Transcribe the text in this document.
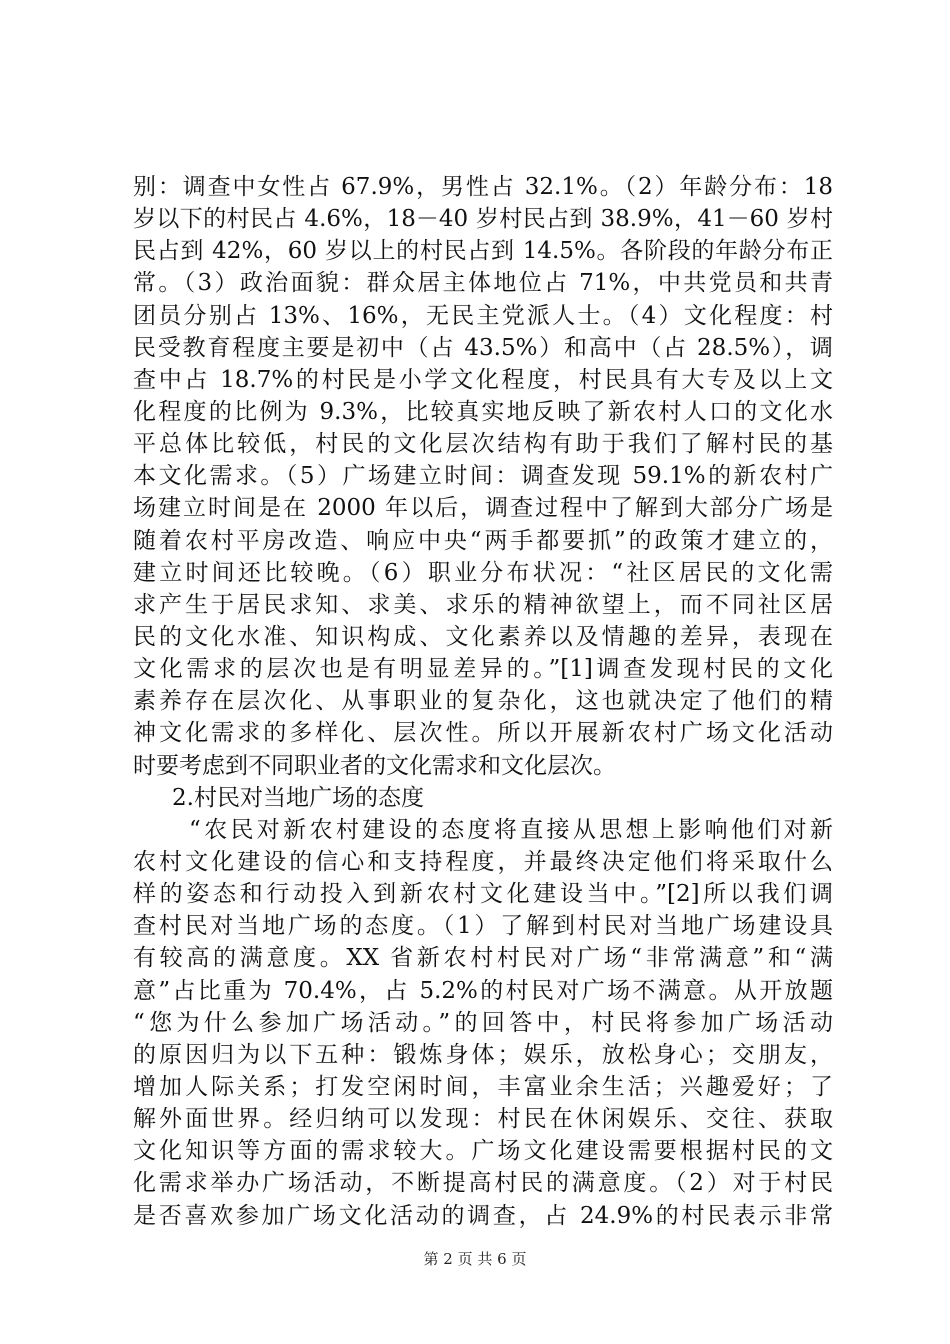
别：调查中女性占 67.9%，男性占 32.1%。（2）年龄分布：18
岁以下的村民占 4.6%，18－40 岁村民占到 38.9%，41－60 岁村
民占到 42%，60 岁以上的村民占到 14.5%。各阶段的年龄分布正
常。（3）政治面貌：群众居主体地位占 71%，中共党员和共青
团员分别占 13%、16%，无民主党派人士。（4）文化程度：村
民受教育程度主要是初中（占 43.5%）和高中（占 28.5%），调
查中占 18.7%的村民是小学文化程度，村民具有大专及以上文
化程度的比例为 9.3%，比较真实地反映了新农村人口的文化水
平总体比较低，村民的文化层次结构有助于我们了解村民的基
本文化需求。（5）广场建立时间：调查发现 59.1%的新农村广
场建立时间是在 2000 年以后，调查过程中了解到大部分广场是
随着农村平房改造、响应中央“两手都要抓”的政策才建立的，
建立时间还比较晚。（6）职业分布状况：“社区居民的文化需
求产生于居民求知、求美、求乐的精神欲望上，而不同社区居
民的文化水准、知识构成、文化素养以及情趣的差异，表现在
文化需求的层次也是有明显差异的。”[1]调查发现村民的文化
素养存在层次化、从事职业的复杂化，这也就决定了他们的精
神文化需求的多样化、层次性。所以开展新农村广场文化活动
时要考虑到不同职业者的文化需求和文化层次。
2.村民对当地广场的态度
“农民对新农村建设的态度将直接从思想上影响他们对新
农村文化建设的信心和支持程度，并最终决定他们将采取什么
样的姿态和行动投入到新农村文化建设当中。”[2]所以我们调
查村民对当地广场的态度。（1）了解到村民对当地广场建设具
有较高的满意度。XX 省新农村村民对广场“非常满意”和“满
意”占比重为 70.4%，占 5.2%的村民对广场不满意。从开放题
“您为什么参加广场活动。”的回答中，村民将参加广场活动
的原因归为以下五种：锻炼身体；娱乐，放松身心；交朋友，
增加人际关系；打发空闲时间，丰富业余生活；兴趣爱好；了
解外面世界。经归纳可以发现：村民在休闲娱乐、交往、获取
文化知识等方面的需求较大。广场文化建设需要根据村民的文
化需求举办广场活动，不断提高村民的满意度。（2）对于村民
是否喜欢参加广场文化活动的调查，占 24.9%的村民表示非常
第 2 页 共 6 页
